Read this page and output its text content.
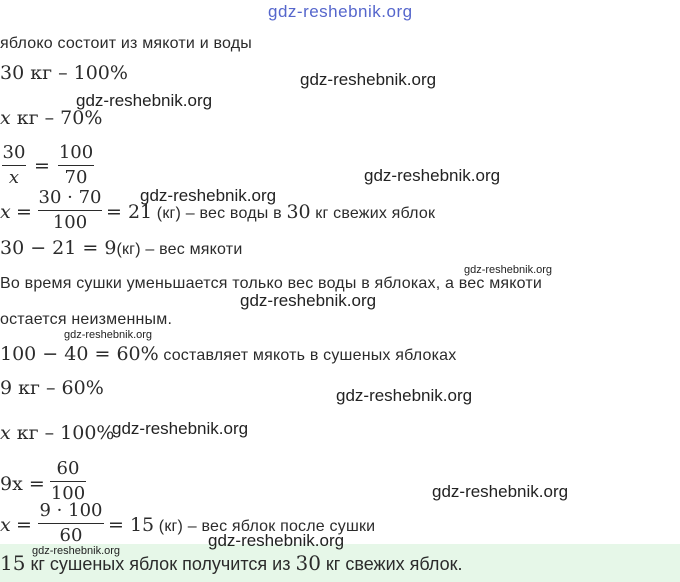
gdz-reshebnik.org
яблоко состоит из мякоти и воды
30 кг – 100%
x кг – 70%
30
x
=
100
70
x =
30 · 70
100 = 21 (кг) – вес воды в 30 кг свежих яблок
30 − 21 = 9(кг) – вес мякоти
Во время сушки уменьшается только вес воды в яблоках, а вес мякоти
остается неизменным.
100 − 40 = 60% составляет мякоть в сушеных яблоках
9 кг – 60%
x кг – 100%
9x =
60
100
x =
9 · 100
60	= 15 (кг) – вес яблок после сушки
15 кг сушеных яблок получится из 30 кг свежих яблок.
gdz-reshebnik.org
gdz-reshebnik.org
gdz-reshebnik.org
gdz-reshebnik.org
gdz-reshebnik.org
gdz-reshebnik.org
gdz-reshebnik.org
gdz-reshebnik.org
gdz-reshebnik.org
gdz-reshebnik.org
gdz-reshebnik.org
gdz-reshebnik.org
